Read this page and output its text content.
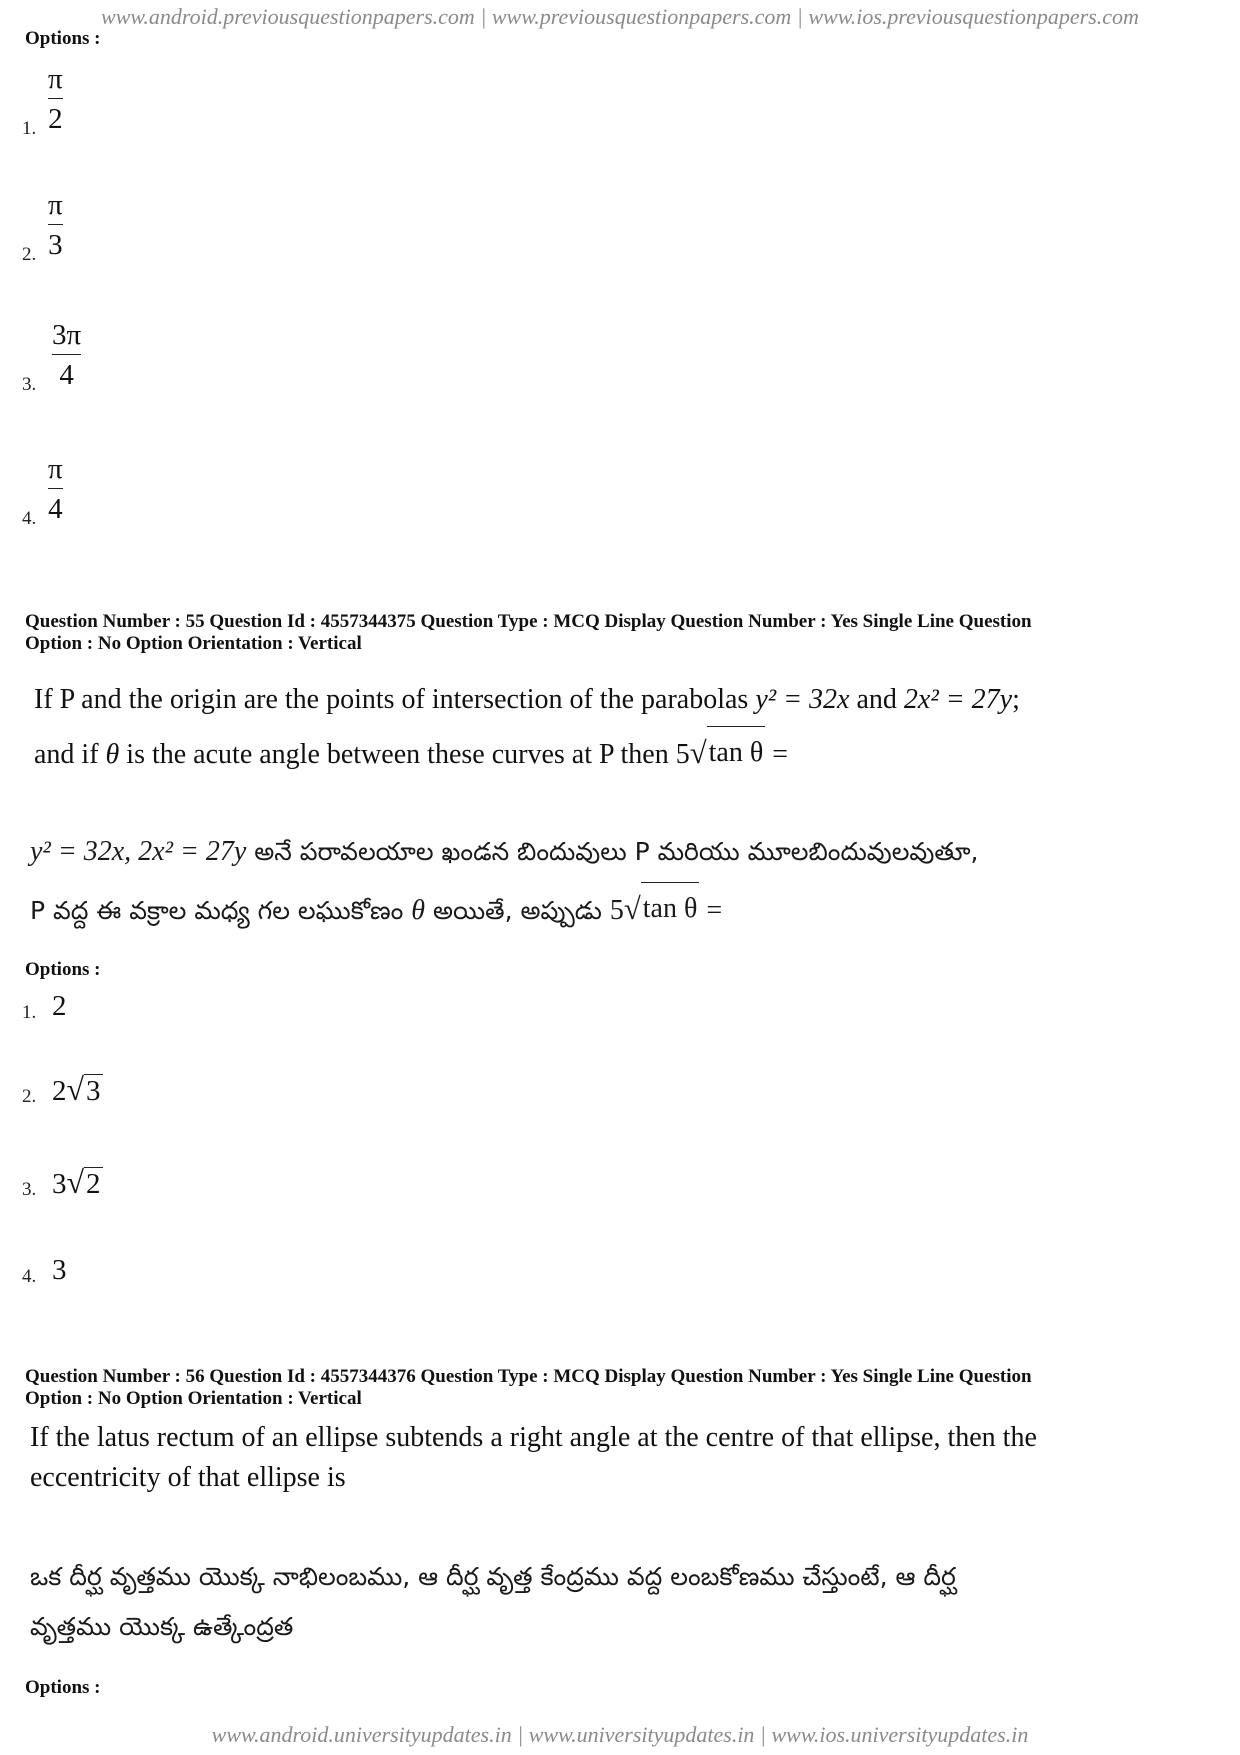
www.android.previousquestionpapers.com | www.previousquestionpapers.com | www.ios.previousquestionpapers.com
Options :
1.
π
2
2.
π
3
3.
3π
4
4.
π
4
Question Number : 55 Question Id : 4557344375 Question Type : MCQ Display Question Number : Yes Single Line Question
Option : No Option Orientation : Vertical
If P and the origin are the points of intersection of the parabolas y² = 32x and 2x² = 27y;
and if θ is the acute angle between these curves at P then 5 √ tan θ =
y² = 32x, 2x² = 27y అనే పరావలయాల ఖండన బిందువులు P మరియు మూలబిందువులవుతూ,
P వద్ద ఈ వక్రాల మధ్య గల లఘుకోణం θ అయితే, అప్పుడు 5 √ tan θ =
Options :
1. 2
2. 2 √ 3
3. 3 √ 2
4. 3
Question Number : 56 Question Id : 4557344376 Question Type : MCQ Display Question Number : Yes Single Line Question
Option : No Option Orientation : Vertical
If the latus rectum of an ellipse subtends a right angle at the centre of that ellipse, then the
eccentricity of that ellipse is
ఒక దీర్ఘ వృత్తము యొక్క నాభిలంబము, ఆ దీర్ఘ వృత్త కేంద్రము వద్ద లంబకోణము చేస్తుంటే, ఆ దీర్ఘ
వృత్తము యొక్క ఉత్కేంద్రత
Options :
www.android.universityupdates.in | www.universityupdates.in | www.ios.universityupdates.in
